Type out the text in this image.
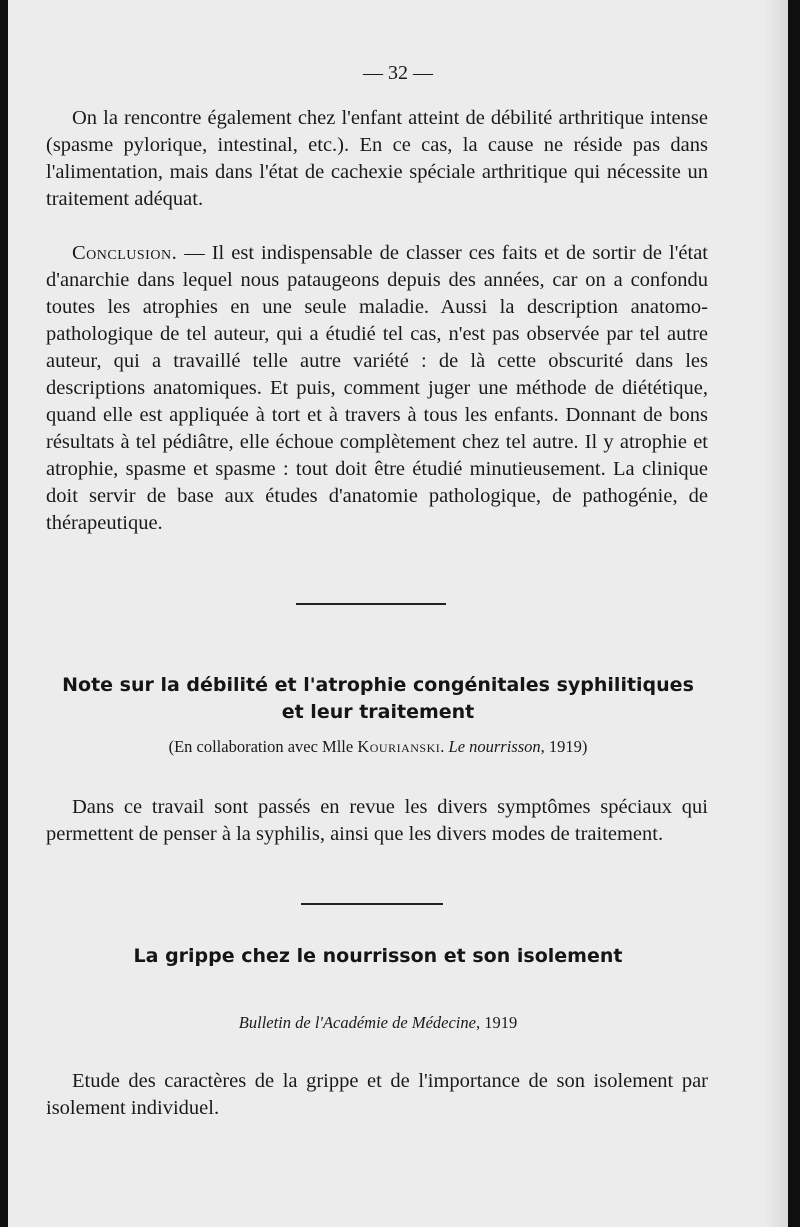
— 32 —
On la rencontre également chez l'enfant atteint de débilité arthritique intense (spasme pylorique, intestinal, etc.). En ce cas, la cause ne réside pas dans l'alimentation, mais dans l'état de cachexie spéciale arthritique qui nécessite un traitement adéquat.
Conclusion. — Il est indispensable de classer ces faits et de sortir de l'état d'anarchie dans lequel nous pataugeons depuis des années, car on a confondu toutes les atrophies en une seule maladie. Aussi la description anatomo-pathologique de tel auteur, qui a étudié tel cas, n'est pas observée par tel autre auteur, qui a travaillé telle autre variété : de là cette obscurité dans les descriptions anatomiques. Et puis, comment juger une méthode de diététique, quand elle est appliquée à tort et à travers à tous les enfants. Donnant de bons résultats à tel pédiâtre, elle échoue complètement chez tel autre. Il y atrophie et atrophie, spasme et spasme : tout doit être étudié minutieusement. La clinique doit servir de base aux études d'anatomie pathologique, de pathogénie, de thérapeutique.
Note sur la débilité et l'atrophie congénitales syphilitiques
et leur traitement
(En collaboration avec Mlle Kourianski. Le nourrisson, 1919)
Dans ce travail sont passés en revue les divers symptômes spéciaux qui permettent de penser à la syphilis, ainsi que les divers modes de traitement.
La grippe chez le nourrisson et son isolement
Bulletin de l'Académie de Médecine, 1919
Etude des caractères de la grippe et de l'importance de son isolement par isolement individuel.
